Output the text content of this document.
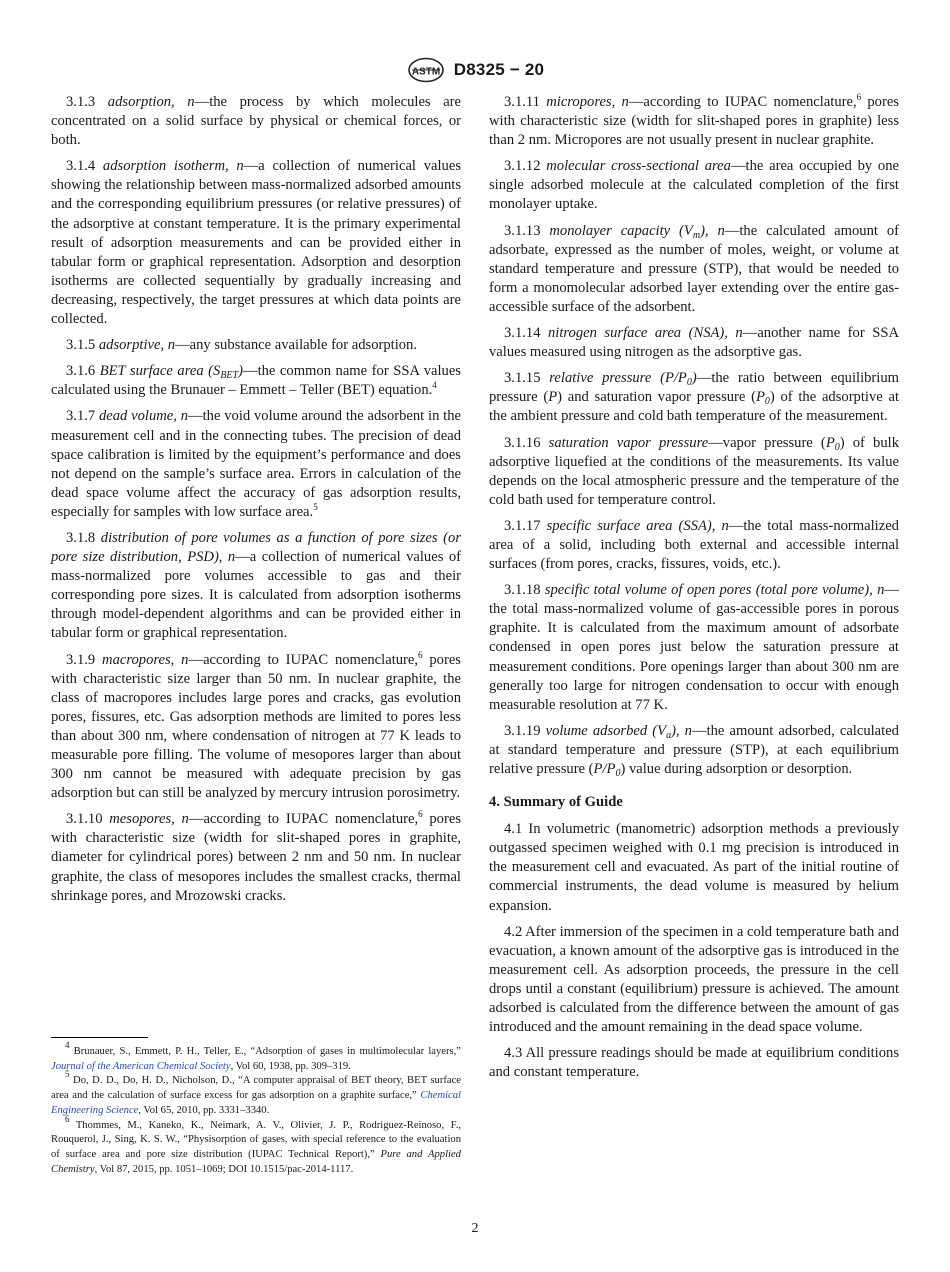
ASTM D8325 − 20

3.1.3 adsorption, n—the process by which molecules are concentrated on a solid surface by physical or chemical forces, or both.

3.1.4 adsorption isotherm, n—a collection of numerical values showing the relationship between mass-normalized adsorbed amounts and the corresponding equilibrium pressures (or relative pressures) of the adsorptive at constant temperature. It is the primary experimental result of adsorption measurements and can be provided either in tabular form or graphical representation. Adsorption and desorption isotherms are collected sequentially by gradually increasing and decreasing, respectively, the target pressures at which data points are collected.

3.1.5 adsorptive, n—any substance available for adsorption.

3.1.6 BET surface area $(S_{BET})—the$ common name for SSA values calculated using the Brunauer – Emmett – Teller (BET) equation.$^4$

3.1.7 dead volume, n—the void volume around the adsorbent in the measurement cell and in the connecting tubes. The precision of dead space calibration is limited by the equipment’s performance and does not depend on the sample’s surface area. Errors in calculation of the dead space volume affect the accuracy of gas adsorption results, especially for samples with low surface area.$^5$

3.1.8 distribution of pore volumes as a function of pore sizes (or pore size distribution, PSD), n—a collection of numerical values of mass-normalized pore volumes accessible to gas and their corresponding pore sizes. It is calculated from adsorption isotherms through model-dependent algorithms and can be provided either in tabular form or graphical representation.

3.1.9 macropores, n—according to IUPAC nomenclature,$^6$ pores with characteristic size larger than 50 nm. In nuclear graphite, the class of macropores includes large pores and cracks, gas evolution pores, fissures, etc. Gas adsorption methods are limited to pores less than about 300 nm, where condensation of nitrogen at 77 K leads to measurable pore filling. The volume of mesopores larger than about 300 nm cannot be measured with adequate precision by gas adsorption but can still be analyzed by mercury intrusion porosimetry.

3.1.10 mesopores, n—according to IUPAC nomenclature,$^6$ pores with characteristic size (width for slit-shaped pores in graphite, diameter for cylindrical pores) between 2 nm and 50 nm. In nuclear graphite, the class of mesopores includes the smallest cracks, thermal shrinkage pores, and Mrozowski cracks.

3.1.11 micropores, n—according to IUPAC nomenclature,$^6$ pores with characteristic size (width for slit-shaped pores in graphite) less than 2 nm. Micropores are not usually present in nuclear graphite.

3.1.12 molecular cross-sectional area—the area occupied by one single adsorbed molecule at the calculated completion of the first monolayer uptake.

3.1.13 monolayer capacity $(V_m)$, n—the calculated amount of adsorbate, expressed as the number of moles, weight, or volume at standard temperature and pressure (STP), that would be needed to form a monomolecular adsorbed layer extending over the entire gas-accessible surface of the adsorbent.

3.1.14 nitrogen surface area (NSA), n—another name for SSA values measured using nitrogen as the adsorptive gas.

3.1.15 relative pressure $(P/P_0)—the$ ratio between equilibrium pressure (P) and saturation vapor pressure $(P_0)$ of the adsorptive at the ambient pressure and cold bath temperature of the measurement.

3.1.16 saturation vapor pressure—vapor pressure $(P_0)$ of bulk adsorptive liquefied at the conditions of the measurements. Its value depends on the local atmospheric pressure and the temperature of the cold bath used for temperature control.

3.1.17 specific surface area (SSA), n—the total mass-normalized area of a solid, including both external and accessible internal surfaces (from pores, cracks, fissures, voids, etc.).

3.1.18 specific total volume of open pores (total pore volume), n—the total mass-normalized volume of gas-accessible pores in porous graphite. It is calculated from the maximum amount of adsorbate condensed in open pores just below the saturation pressure at measurement conditions. Pore openings larger than about 300 nm are generally too large for nitrogen condensation to occur with enough measurable resolution at 77 K.

3.1.19 volume adsorbed $(V_a)$, n—the amount adsorbed, calculated at standard temperature and pressure (STP), at each equilibrium relative pressure $(P/P_0)$ value during adsorption or desorption.

4. Summary of Guide

4.1 In volumetric (manometric) adsorption methods a previously outgassed specimen weighed with 0.1 mg precision is introduced in the measurement cell and evacuated. As part of the initial routine of commercial instruments, the dead volume is measured by helium expansion.

4.2 After immersion of the specimen in a cold temperature bath and evacuation, a known amount of the adsorptive gas is introduced in the measurement cell. As adsorption proceeds, the pressure in the cell drops until a constant (equilibrium) pressure is achieved. The amount adsorbed is calculated from the difference between the amount of gas introduced and the amount remaining in the dead space volume.

4.3 All pressure readings should be made at equilibrium conditions and constant temperature.

$^4$ Brunauer, S., Emmett, P. H., Teller, E., “Adsorption of gases in multimolecular layers,” Journal of the American Chemical Society, Vol 60, 1938, pp. 309–319.

$^5$ Do, D. D., Do, H. D., Nicholson, D., “A computer appraisal of BET theory, BET surface area and the calculation of surface excess for gas adsorption on a graphite surface,” Chemical Engineering Science, Vol 65, 2010, pp. 3331–3340.

$^6$ Thommes, M., Kaneko, K., Neimark, A. V., Olivier, J. P., Rodriguez-Reinoso, F., Rouquerol, J., Sing, K. S. W., “Physisorption of gases, with special reference to the evaluation of surface area and pore size distribution (IUPAC Technical Report),” Pure and Applied Chemistry, Vol 87, 2015, pp. 1051–1069; DOI 10.1515/pac-2014-1117.

2
